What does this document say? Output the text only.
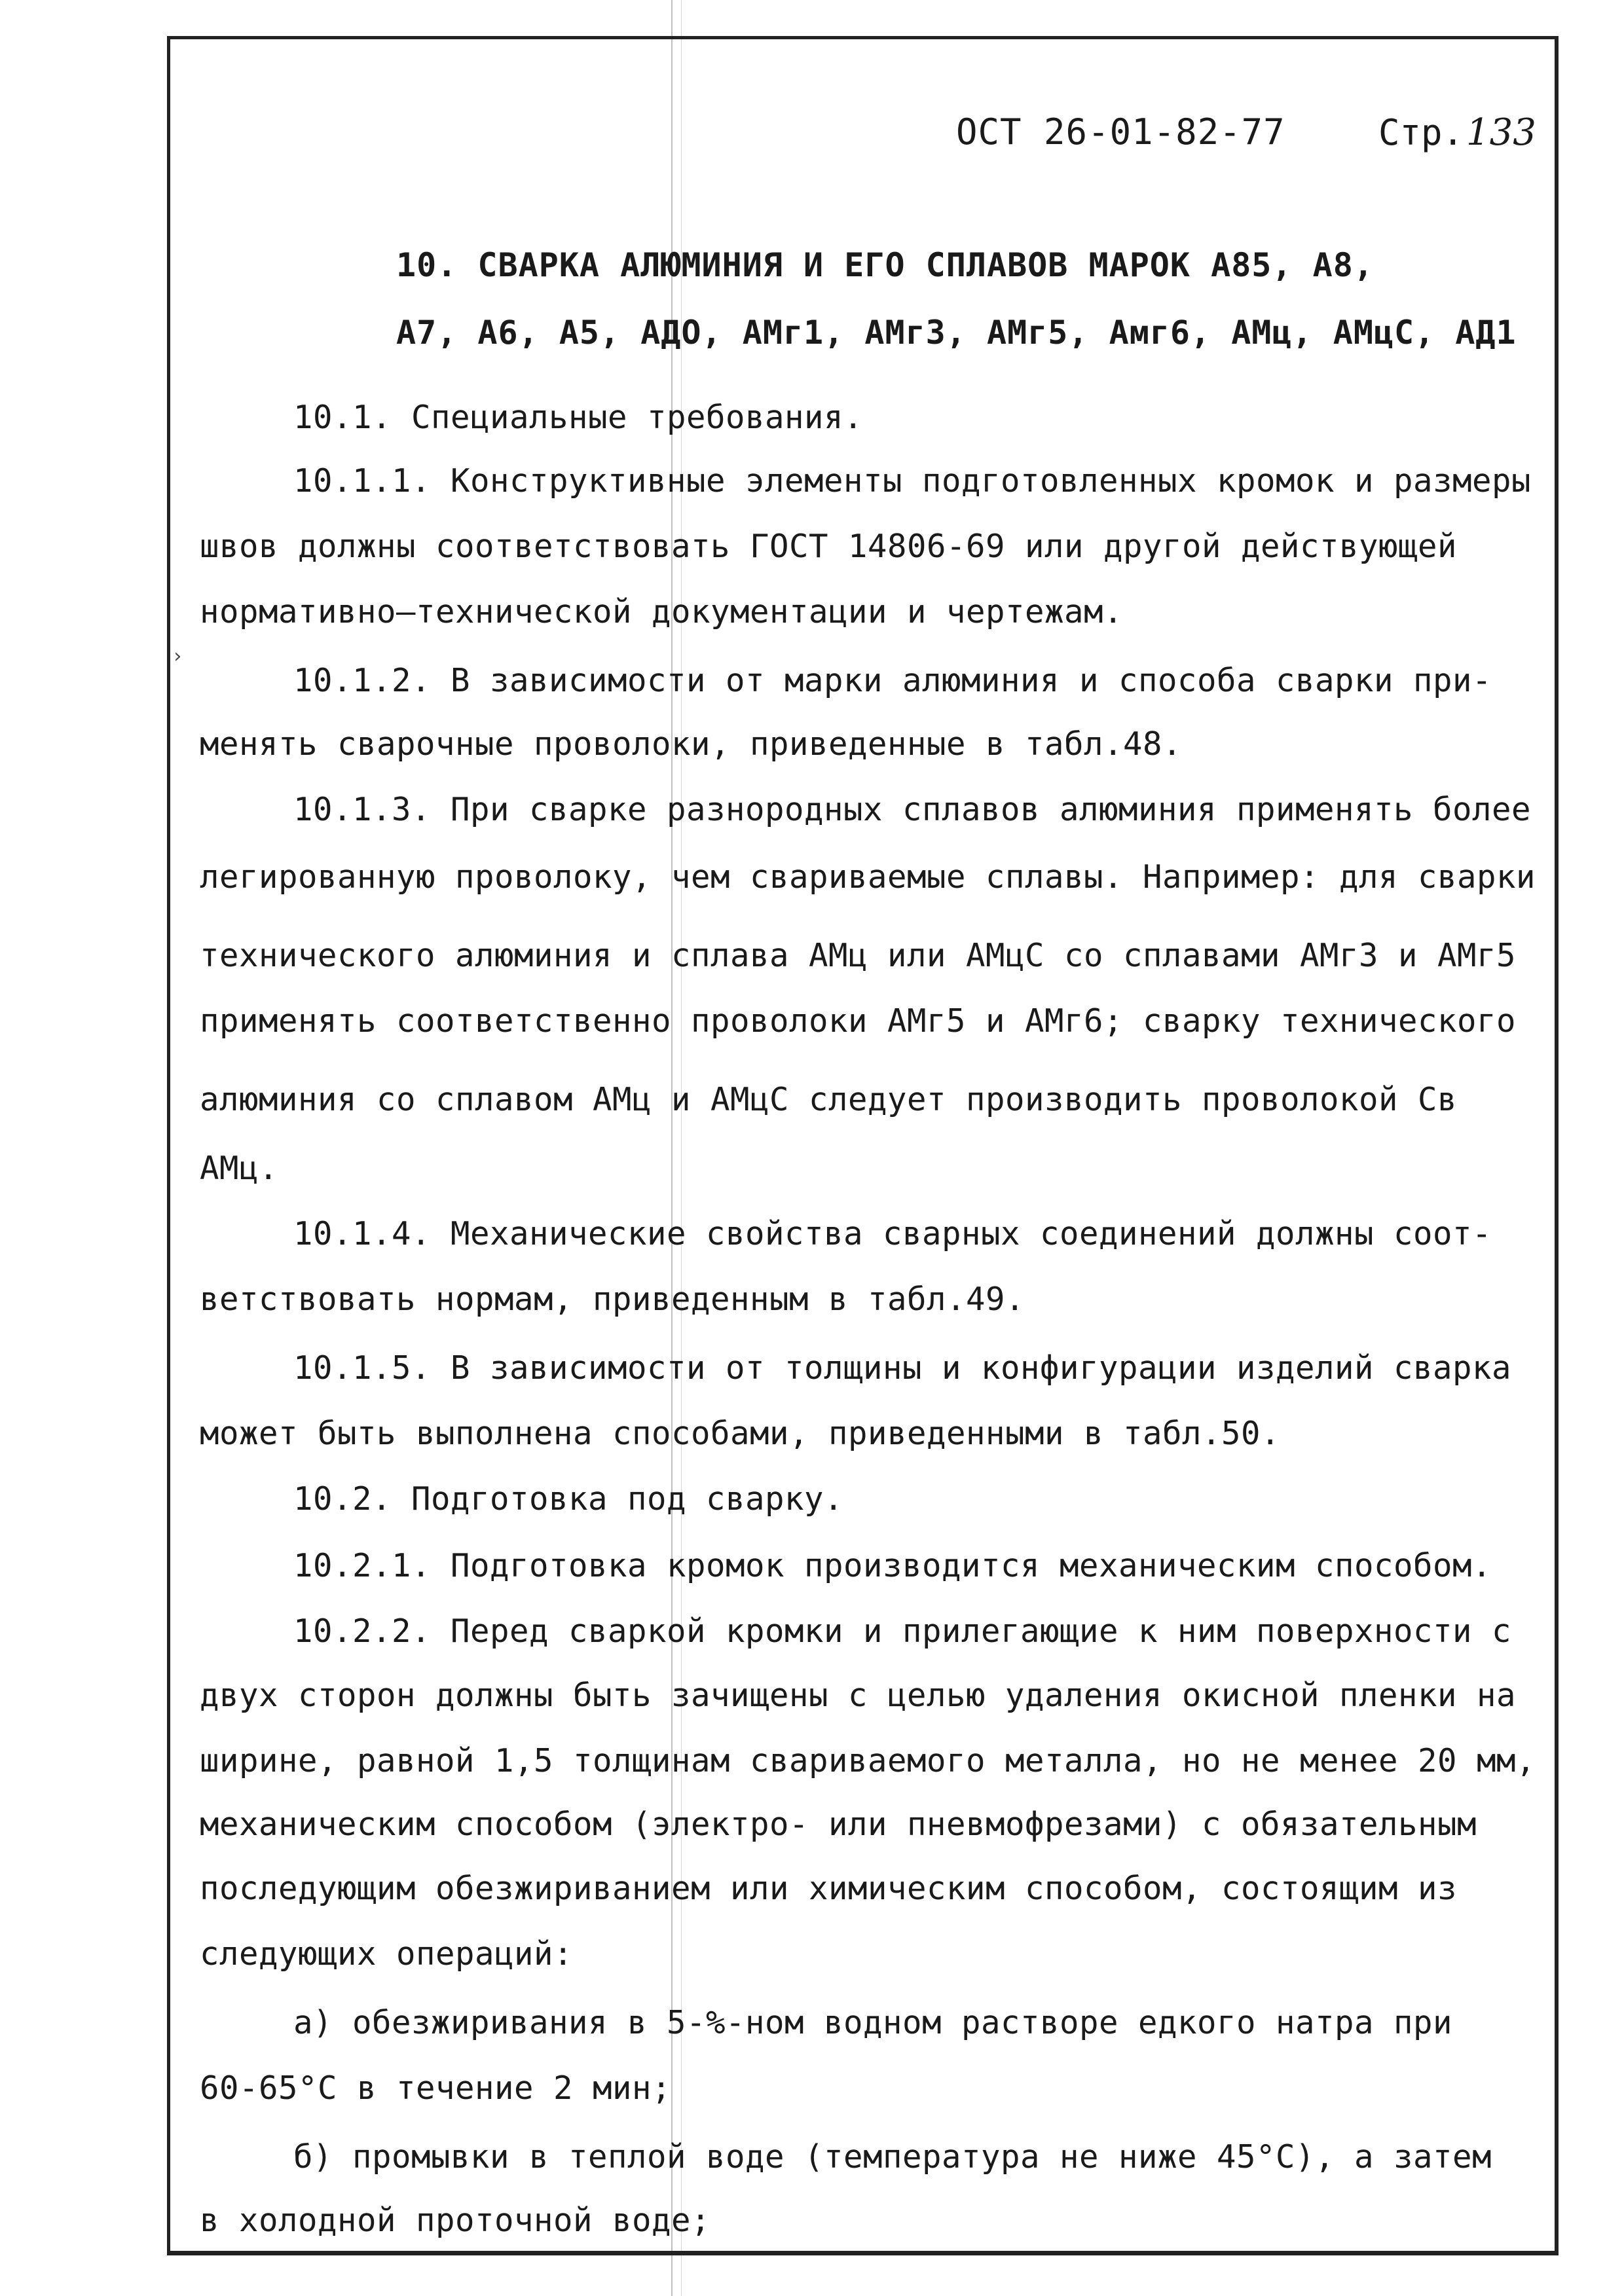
›
ОСТ 26-01-82-77	Стр.133
10. СВАРКА АЛЮМИНИЯ И ЕГО СПЛАВОВ МАРОК А85, А8,
А7, А6, А5, АДО, АМг1, АМг3, АМг5, Амг6, АМц, АМцС, АД1
10.1. Специальные требования.
10.1.1. Конструктивные элементы подготовленных кромок и размеры
швов должны соответствовать ГОСТ 14806-69 или другой действующей
нормативно—технической документации и чертежам.
10.1.2. В зависимости от марки алюминия и способа сварки при-
менять сварочные проволоки, приведенные в табл.48.
10.1.3. При сварке разнородных сплавов алюминия применять более
легированную проволоку, чем свариваемые сплавы. Например: для сварки
технического алюминия и сплава АМц или АМцС со сплавами АМг3 и АМг5
применять соответственно проволоки АМг5 и АМг6; сварку технического
алюминия со сплавом АМц и АМцС следует производить проволокой Св
АМц.
10.1.4. Механические свойства сварных соединений должны соот-
ветствовать нормам, приведенным в табл.49.
10.1.5. В зависимости от толщины и конфигурации изделий сварка
может быть выполнена способами, приведенными в табл.50.
10.2. Подготовка под сварку.
10.2.1. Подготовка кромок производится механическим способом.
10.2.2. Перед сваркой кромки и прилегающие к ним поверхности с
двух сторон должны быть зачищены с целью удаления окисной пленки на
ширине, равной 1,5 толщинам свариваемого металла, но не менее 20 мм,
механическим способом (электро- или пневмофрезами) с обязательным
последующим обезжириванием или химическим способом, состоящим из
следующих операций:
а) обезжиривания в 5-%-ном водном растворе едкого натра при
60-65°С в течение 2 мин;
б) промывки в теплой воде (температура не ниже 45°С), а затем
в холодной проточной воде;
